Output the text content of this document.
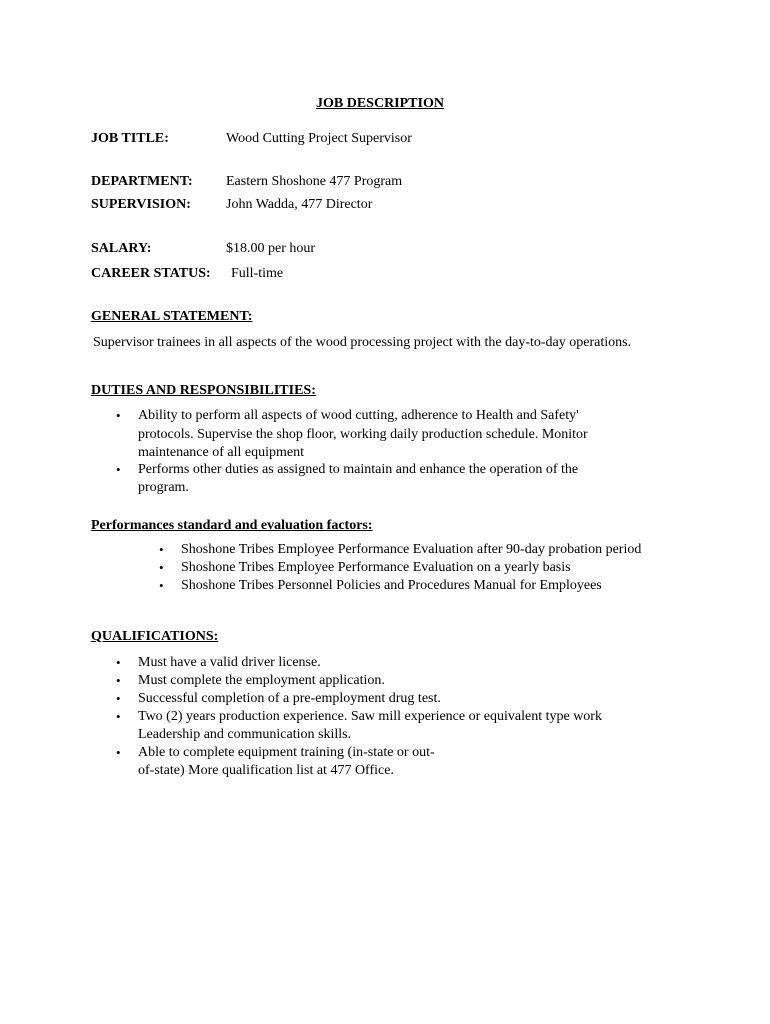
JOB DESCRIPTION
JOB TITLE:	Wood Cutting Project Supervisor
DEPARTMENT: Eastern Shoshone 477 Program
SUPERVISION:	John Wadda, 477 Director
SALARY:	$18.00 per hour
CAREER STATUS: Full-time
GENERAL STATEMENT:
Supervisor trainees in all aspects of the wood processing project with the day-to-day operations.
DUTIES AND RESPONSIBILITIES:
• Ability to perform all aspects of wood cutting, adherence to Health and Safety'
protocols. Supervise the shop floor, working daily production schedule. Monitor
maintenance of all equipment
• Performs other duties as assigned to maintain and enhance the operation of the
program.
Performances standard and evaluation factors:
• Shoshone Tribes Employee Performance Evaluation after 90-day probation period
• Shoshone Tribes Employee Performance Evaluation on a yearly basis
• Shoshone Tribes Personnel Policies and Procedures Manual for Employees
QUALIFICATIONS:
• Must have a valid driver license.
• Must complete the employment application.
• Successful completion of a pre-employment drug test.
• Two (2) years production experience. Saw mill experience or equivalent type work
Leadership and communication skills.
• Able to complete equipment training (in-state or out-
of-state) More qualification list at 477 Office.
